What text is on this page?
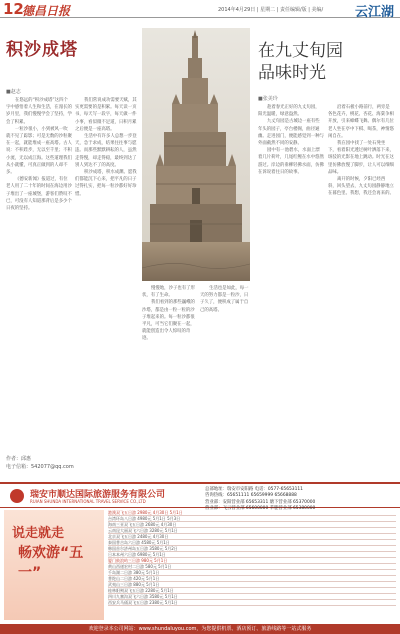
12
德昌日报	2014年4月29日 | 星期二 | 责任编辑/版 | 美编/ 云江湖
积沙成塔
■赵志

在悠远的“积沙成塔”这四个字中感悟着人生和生活，在漫长的岁月里，我们慢慢学会了坚持，学会了积累。

一粒沙很小，小到被风一吹就不见了踪影；可是无数的沙粒聚在一起，就能堆成一座高塔。古人说：不积跬步，无以至千里；不积小流，无以成江海。这些道理我们从小就懂，可真正做到的人却不多。

《德安新闻》报道过，有位老人用了二十年的时间在海边用沙子堆出了一座城堡，游客们赞叹不已，可没有人知道那背后是多少个日夜的坚持。

我们常说成功需要天赋，其实更需要的是积累。每天读一页书，每天写一段字，每天做一件小事，看似微不足道，日积月累之后便是一座高塔。

生活中有许多人总想一步登天，急于求成，结果往往事与愿违。而那些默默耕耘的人，虽然走得慢，却走得稳，最终到达了别人到达不了的高度。

积沙成塔，积水成渊。愿我们都能沉下心来，把平凡的日子过得扎实，把每一粒沙都好好珍惜。

慢慢地，沙子也有了形状，有了生命。

我们看到的那些巍峨的沙塔，都是由一粒一粒的沙子堆起来的。每一粒沙都很平凡，可当它们聚在一起，就能创造出令人惊叹的奇迹。

生活也是如此，每一天的努力都是一粒沙，日子久了，便积成了属于自己的高塔。

在九丈旬园
品味时光
■张美玲

趁着春光正好的九丈旬园，阳光温暖，绿意盎然。

九丈旬园是古城边一座有些年头的园子，亭台楼阁，曲径通幽。走进园门，便能感觉到一种与外面截然不同的安静。

园中有一池碧水，水面上漂着几片荷叶，几尾红鲤在水中悠然游过。岸边的垂柳轻拂水面，仿佛在诉说着往日的故事。

沿着石板小路前行，两旁是各色花卉，桃花、杏花、海棠争相开放，引来蜂蝶飞舞。偶尔有几位老人坐在亭中下棋、喝茶，神情悠闲自在。

我在园中找了一处石凳坐下，看着阳光透过树叶洒落下来，斑驳的光影在地上跳动。时光在这里仿佛放慢了脚步，让人可以细细品味。

离开的时候，夕阳已经西斜，回头望去，九丈旬园静静地立在暮色里。我想，我还会再来的。

作者：邱惠
电子信箱：542077@qq.com
瑞安市顺达国际旅游服务有限公司
RUIAN SHUNDA INTERNATIONAL TRAVEL SERVICE CO.,LTD
总部地址：瑞安市安阳路 电话：0577-65653111
咨询热线：65651111 65659999 65668888
营业部：安阳营业部 65653311 塘下营业部 65370000
营业部：飞云营业部 65600000 莘塍营业部 65380000
说走就走
畅欢游“五一”
港澳双飞五日游 2980元 4月30日 5月1日
台湾环岛八日游 4980元 5月1日 5月3日
海南三亚双飞五日游 2680元 4月30日
云南昆大丽双飞六日游 3280元 5月1日
北京双飞五日游 2480元 4月30日
泰国普吉岛六日游 4580元 5月1日
韩国首尔济州岛五日游 3580元 5月2日
日本本州六日游 6980元 5月1日
厦门鼓浪屿三日游 980元 5月1日
黄山西递宏村二日游 580元 5月1日
千岛湖二日游 380元 5月1日
普陀山二日游 420元 5月1日
武夷山三日游 880元 5月1日
桂林阳朔双飞五日游 2280元 5月1日
四川九寨沟双飞六日游 3580元 5月1日
西安兵马俑双飞五日游 2380元 5月1日
欢迎登录本公司网站：www.shundaluyou.com，为您提供机票、酒店预订、旅游线路等一站式服务
